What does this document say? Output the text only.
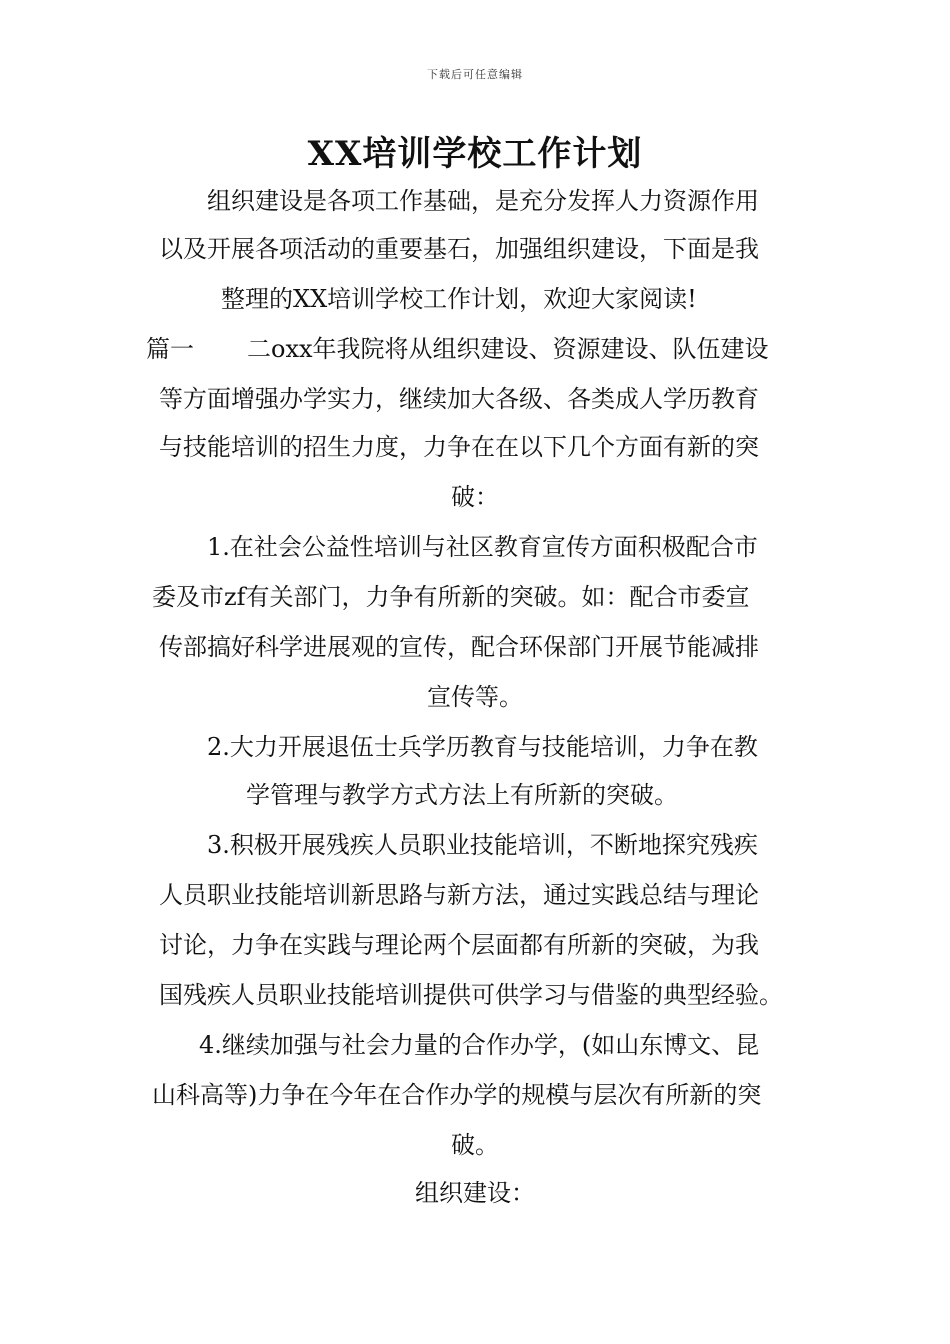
下载后可任意编辑
XX培训学校工作计划
组织建设是各项工作基础，是充分发挥人力资源作用
以及开展各项活动的重要基石，加强组织建设，下面是我
整理的XX培训学校工作计划，欢迎大家阅读!
篇一 二oxx年我院将从组织建设、资源建设、队伍建设
等方面增强办学实力，继续加大各级、各类成人学历教育
与技能培训的招生力度，力争在在以下几个方面有新的突
破：
1.在社会公益性培训与社区教育宣传方面积极配合市
委及市zf有关部门，力争有所新的突破。如：配合市委宣
传部搞好科学进展观的宣传，配合环保部门开展节能减排
宣传等。
2.大力开展退伍士兵学历教育与技能培训，力争在教
学管理与教学方式方法上有所新的突破。
3.积极开展残疾人员职业技能培训，不断地探究残疾
人员职业技能培训新思路与新方法，通过实践总结与理论
讨论，力争在实践与理论两个层面都有所新的突破，为我
国残疾人员职业技能培训提供可供学习与借鉴的典型经验。
4.继续加强与社会力量的合作办学，(如山东博文、昆
山科高等)力争在今年在合作办学的规模与层次有所新的突
破。
组织建设：
